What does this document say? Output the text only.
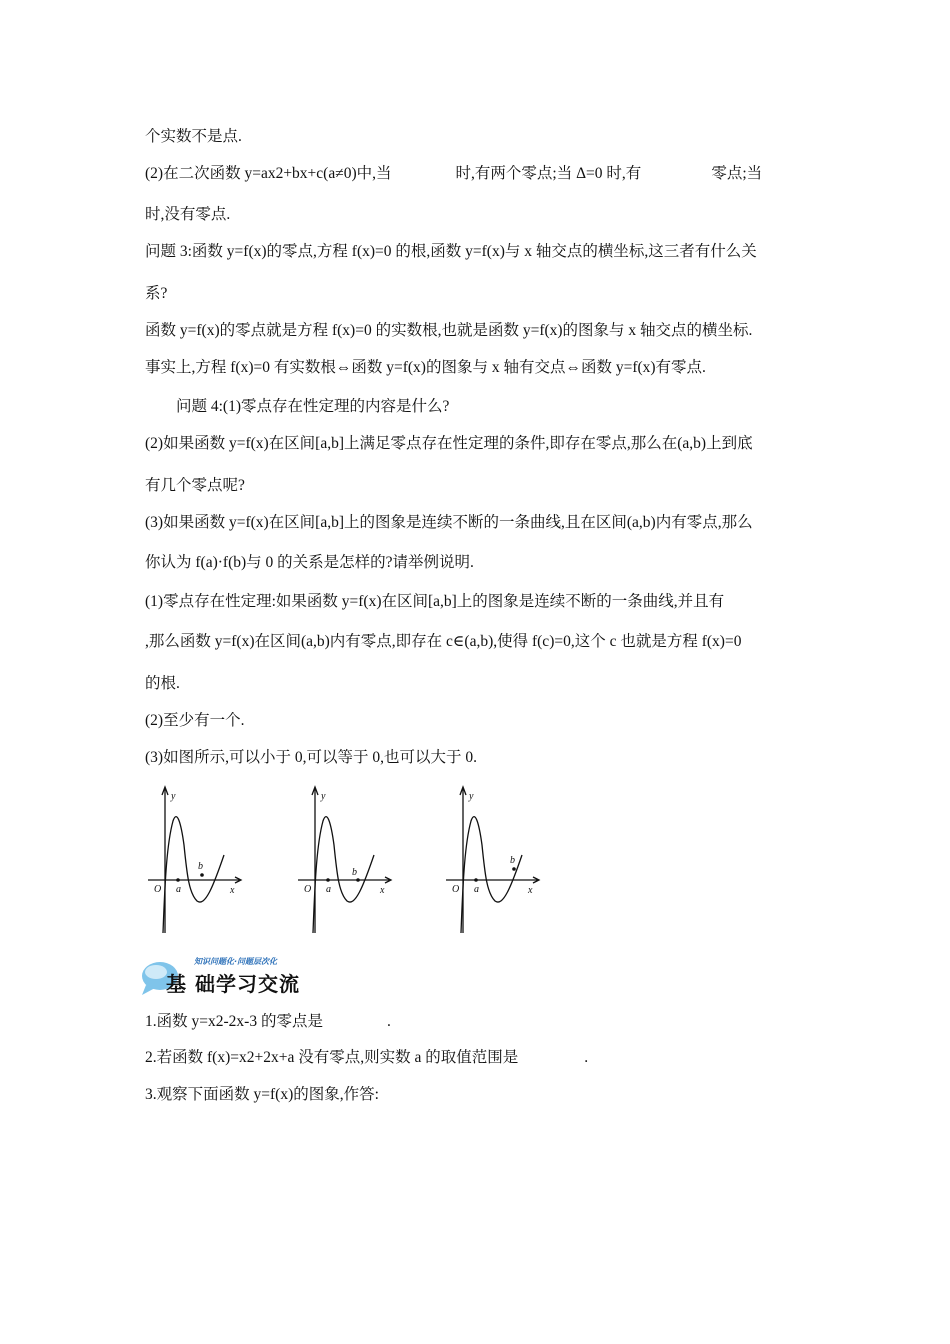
个实数不是点.
(2)在二次函数 y=ax2+bx+c(a≠0)中,当	时,有两个零点;当 Δ=0 时,有	零点;当
时,没有零点.
问题 3:函数 y=f(x)的零点,方程 f(x)=0 的根,函数 y=f(x)与 x 轴交点的横坐标,这三者有什么关
系?
函数 y=f(x)的零点就是方程 f(x)=0 的实数根,也就是函数 y=f(x)的图象与 x 轴交点的横坐标.
事实上,方程 f(x)=0 有实数根⇔函数 y=f(x)的图象与 x 轴有交点⇔函数 y=f(x)有零点.
问题 4:(1)零点存在性定理的内容是什么?
(2)如果函数 y=f(x)在区间[a,b]上满足零点存在性定理的条件,即存在零点,那么在(a,b)上到底
有几个零点呢?
(3)如果函数 y=f(x)在区间[a,b]上的图象是连续不断的一条曲线,且在区间(a,b)内有零点,那么
你认为 f(a)·f(b)与 0 的关系是怎样的?请举例说明.
(1)零点存在性定理:如果函数 y=f(x)在区间[a,b]上的图象是连续不断的一条曲线,并且有
,那么函数 y=f(x)在区间(a,b)内有零点,即存在 c∈(a,b),使得 f(c)=0,这个 c 也就是方程 f(x)=0
的根.
(2)至少有一个.
(3)如图所示,可以小于 0,可以等于 0,也可以大于 0.
y
x
O a
b
y
x
O a
b
y
x
O a
b
知识问题化·问题层次化
基 础学习交流
1.函数 y=x2-2x-3 的零点是	.
2.若函数 f(x)=x2+2x+a 没有零点,则实数 a 的取值范围是	.
3.观察下面函数 y=f(x)的图象,作答:
